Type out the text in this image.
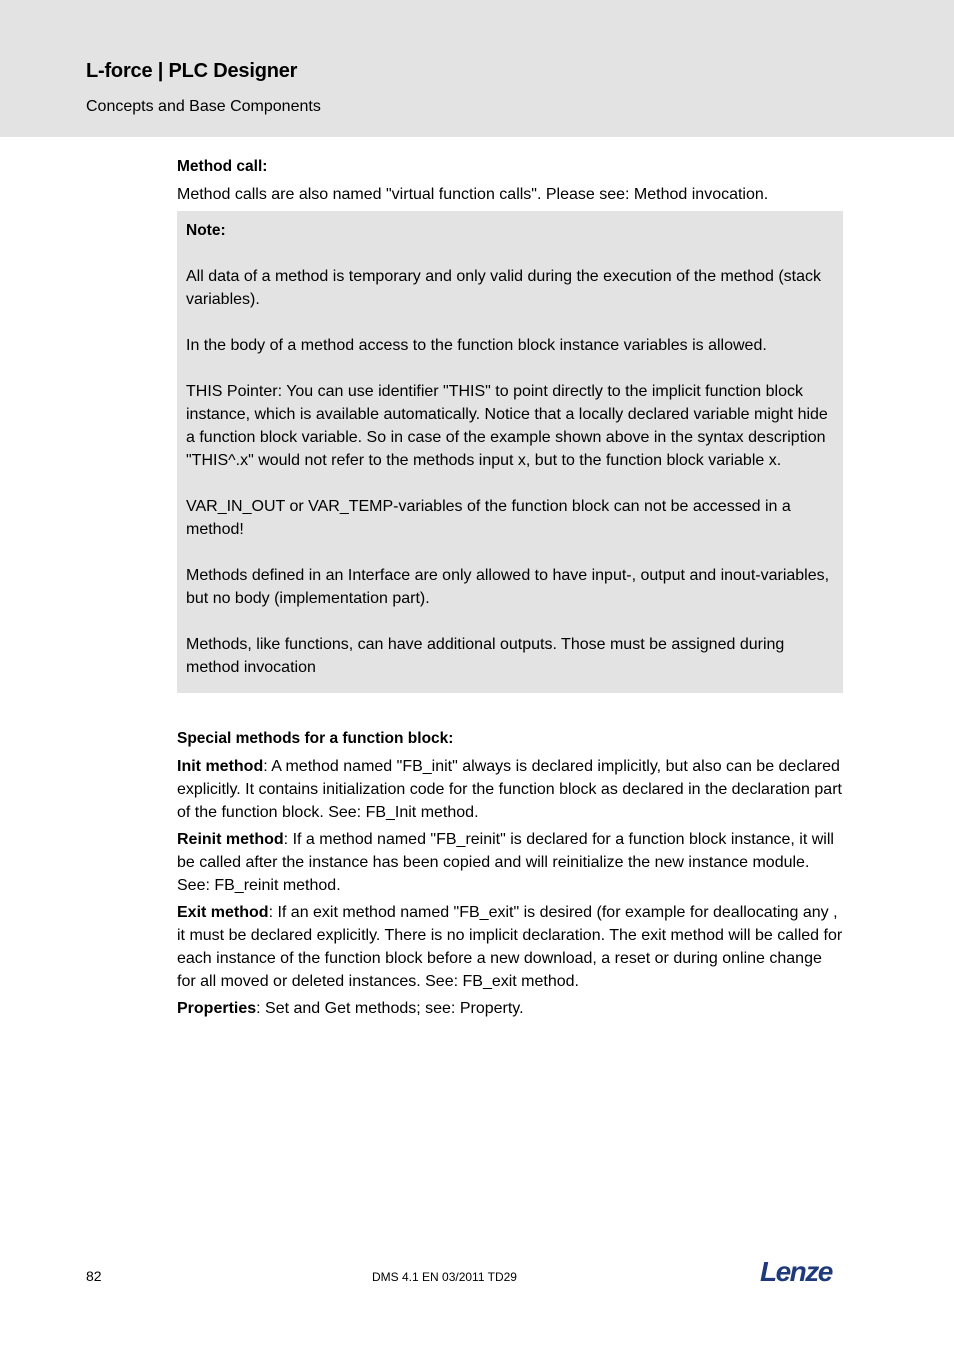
L-force | PLC Designer
Concepts and Base Components
Method call:

Method calls are also named "virtual function calls". Please see: Method invocation.

Note:

All data of a method is temporary and only valid during the execution of the method (stack variables).

In the body of a method access to the function block instance variables is allowed.

THIS Pointer: You can use identifier "THIS" to point directly to the implicit function block instance, which is available automatically. Notice that a locally declared variable might hide a function block variable. So in case of the example shown above in the syntax description "THIS^.x" would not refer to the methods input x, but to the function block variable x.

VAR_IN_OUT or VAR_TEMP-variables of the function block can not be accessed in a method!

Methods defined in an Interface are only allowed to have input-, output and inout-variables, but no body (implementation part).

Methods, like functions, can have additional outputs. Those must be assigned during method invocation

Special methods for a function block:

Init method: A method named "FB_init" always is declared implicitly, but also can be declared explicitly. It contains initialization code for the function block as declared in the declaration part of the function block. See: FB_Init method.

Reinit method: If a method named "FB_reinit" is declared for a function block instance, it will be called after the instance has been copied and will reinitialize the new instance module. See: FB_reinit method.

Exit method: If an exit method named "FB_exit" is desired (for example for deallocating any , it must be declared explicitly. There is no implicit declaration. The exit method will be called for each instance of the function block before a new download, a reset or during online change for all moved or deleted instances. See: FB_exit method.

Properties: Set and Get methods; see: Property.

82	DMS 4.1 EN 03/2011 TD29	Lenze
